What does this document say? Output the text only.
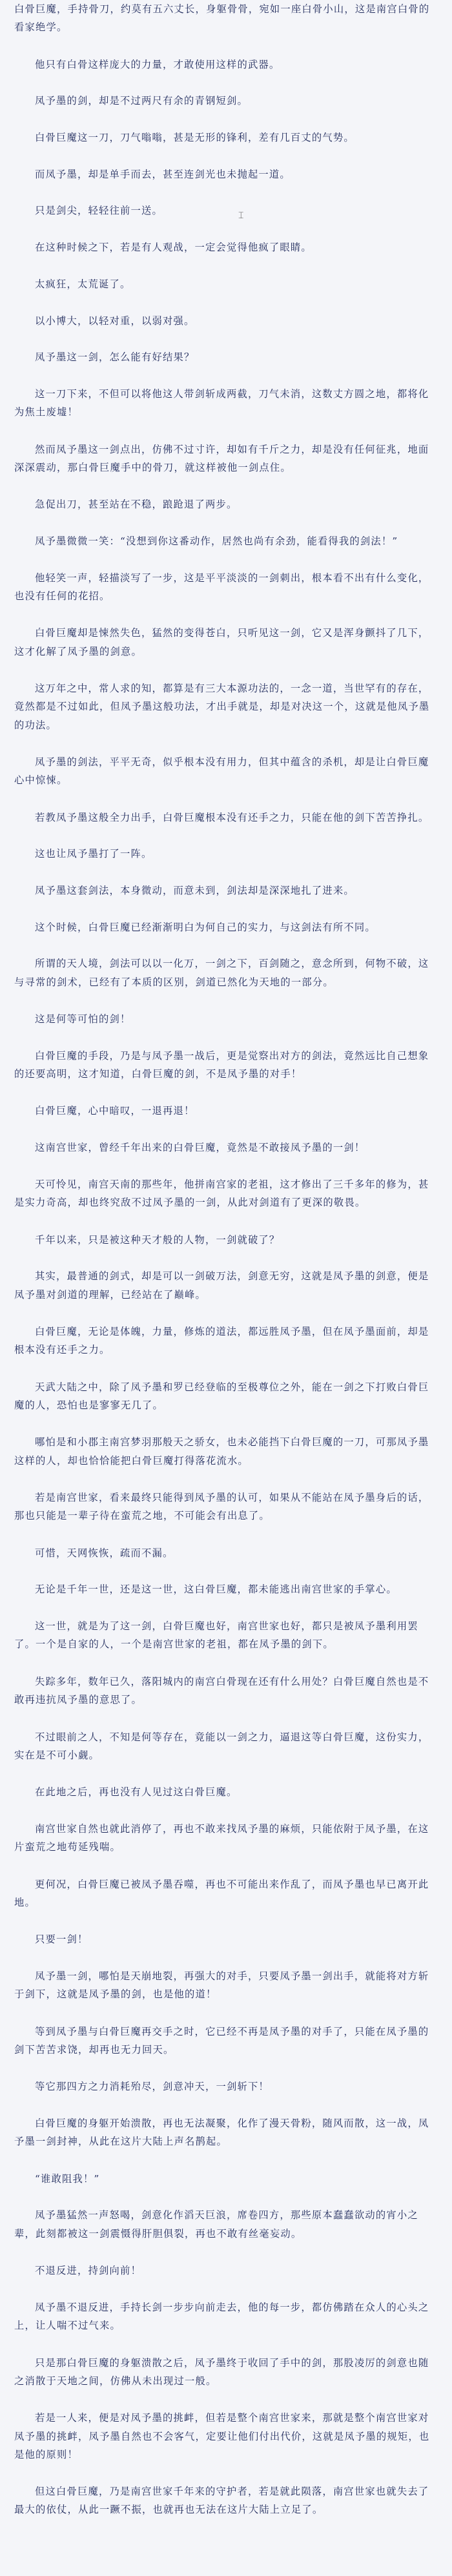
白骨巨魔，手持骨刀，约莫有五六丈长，身躯骨骨，宛如一座白骨小山，这是南宫白骨的看家绝学。

他只有白骨这样庞大的力量，才敢使用这样的武器。

凤予墨的剑，却是不过两尺有余的青钢短剑。

白骨巨魔这一刀，刀气嗡嗡，甚是无形的锋利，差有几百丈的气势。

而凤予墨，却是单手而去，甚至连剑光也未抛起一道。

只是剑尖，轻轻往前一送。

在这种时候之下，若是有人观战，一定会觉得他疯了眼睛。

太疯狂，太荒诞了。

以小博大，以轻对重，以弱对强。

凤予墨这一剑，怎么能有好结果？

这一刀下来，不但可以将他这人带剑斩成两截，刀气未消，这数丈方圆之地，都将化为焦土废墟！

然而凤予墨这一剑点出，仿佛不过寸许，却如有千斤之力，却是没有任何征兆，地面深深震动，那白骨巨魔手中的骨刀，就这样被他一剑点住。

急促出刀，甚至站在不稳，踉跄退了两步。

凤予墨微微一笑：“没想到你这番动作，居然也尚有余劲，能看得我的剑法！”

他轻笑一声，轻描淡写了一步，这是平平淡淡的一剑刺出，根本看不出有什么变化，也没有任何的花招。

白骨巨魔却是悚然失色，猛然的变得苍白，只听见这一剑，它又是浑身颤抖了几下，这才化解了凤予墨的剑意。

这万年之中，常人求的知，都算是有三大本源功法的，一念一道，当世罕有的存在，竟然都是不过如此，但凤予墨这般功法，才出手就是，却是对决这一个，这就是他凤予墨的功法。

凤予墨的剑法，平平无奇，似乎根本没有用力，但其中蕴含的杀机，却是让白骨巨魔心中惊悚。

若教凤予墨这般全力出手，白骨巨魔根本没有还手之力，只能在他的剑下苦苦挣扎。

这也让凤予墨打了一阵。

凤予墨这套剑法，本身微动，而意未到，剑法却是深深地扎了进来。

这个时候，白骨巨魔已经渐渐明白为何自己的实力，与这剑法有所不同。

所谓的天人境，剑法可以以一化万，一剑之下，百剑随之，意念所到，何物不破，这与寻常的剑术，已经有了本质的区别，剑道已然化为天地的一部分。

这是何等可怕的剑！

白骨巨魔的手段，乃是与凤予墨一战后，更是觉察出对方的剑法，竟然远比自己想象的还要高明，这才知道，白骨巨魔的剑，不是凤予墨的对手！

白骨巨魔，心中暗叹，一退再退！

这南宫世家，曾经千年出来的白骨巨魔，竟然是不敢接凤予墨的一剑！

天可怜见，南宫天南的那些年，他拼南宫家的老祖，这才修出了三千多年的修为，甚是实力奇高，却也终究敌不过凤予墨的一剑，从此对剑道有了更深的敬畏。

千年以来，只是被这种天才般的人物，一剑就破了？

其实，最普通的剑式，却是可以一剑破万法，剑意无穷，这就是凤予墨的剑意，便是凤予墨对剑道的理解，已经站在了巅峰。

白骨巨魔，无论是体魄，力量，修炼的道法，都远胜凤予墨，但在凤予墨面前，却是根本没有还手之力。

天武大陆之中，除了凤予墨和罗已经登临的至极尊位之外，能在一剑之下打败白骨巨魔的人，恐怕也是寥寥无几了。

哪怕是和小郡主南宫梦羽那般天之骄女，也未必能挡下白骨巨魔的一刀，可那凤予墨这样的人，却也恰恰能把白骨巨魔打得落花流水。

若是南宫世家，看来最终只能得到凤予墨的认可，如果从不能站在凤予墨身后的话，那也只能是一辈子待在蛮荒之地，不可能会有出息了。

可惜，天网恢恢，疏而不漏。

无论是千年一世，还是这一世，这白骨巨魔，都未能逃出南宫世家的手掌心。

这一世，就是为了这一剑，白骨巨魔也好，南宫世家也好，都只是被凤予墨利用罢了。一个是自家的人，一个是南宫世家的老祖，都在凤予墨的剑下。

失踪多年，数年已久，落阳城内的南宫白骨现在还有什么用处？白骨巨魔自然也是不敢再违抗凤予墨的意思了。

不过眼前之人，不知是何等存在，竟能以一剑之力，逼退这等白骨巨魔，这份实力，实在是不可小觑。

在此地之后，再也没有人见过这白骨巨魔。

南宫世家自然也就此消停了，再也不敢来找凤予墨的麻烦，只能依附于凤予墨，在这片蛮荒之地苟延残喘。

更何况，白骨巨魔已被凤予墨吞噬，再也不可能出来作乱了，而凤予墨也早已离开此地。

只要一剑！

凤予墨一剑，哪怕是天崩地裂，再强大的对手，只要凤予墨一剑出手，就能将对方斩于剑下，这就是凤予墨的剑，也是他的道！

等到凤予墨与白骨巨魔再交手之时，它已经不再是凤予墨的对手了，只能在凤予墨的剑下苦苦求饶，却再也无力回天。

等它那四方之力消耗殆尽，剑意冲天，一剑斩下！

白骨巨魔的身躯开始溃散，再也无法凝聚，化作了漫天骨粉，随风而散，这一战，凤予墨一剑封神，从此在这片大陆上声名鹊起。

“谁敢阻我！”

凤予墨猛然一声怒喝，剑意化作滔天巨浪，席卷四方，那些原本蠢蠢欲动的宵小之辈，此刻都被这一剑震慑得肝胆俱裂，再也不敢有丝毫妄动。

不退反进，持剑向前！

凤予墨不退反进，手持长剑一步步向前走去，他的每一步，都仿佛踏在众人的心头之上，让人喘不过气来。

只是那白骨巨魔的身躯溃散之后，凤予墨终于收回了手中的剑，那股凌厉的剑意也随之消散于天地之间，仿佛从未出现过一般。

若是一人来，便是对凤予墨的挑衅，但若是整个南宫世家来，那就是整个南宫世家对凤予墨的挑衅，凤予墨自然也不会客气，定要让他们付出代价，这就是凤予墨的规矩，也是他的原则！

但这白骨巨魔，乃是南宫世家千年来的守护者，若是就此陨落，南宫世家也就失去了最大的依仗，从此一蹶不振，也就再也无法在这片大陆上立足了。

⌶
